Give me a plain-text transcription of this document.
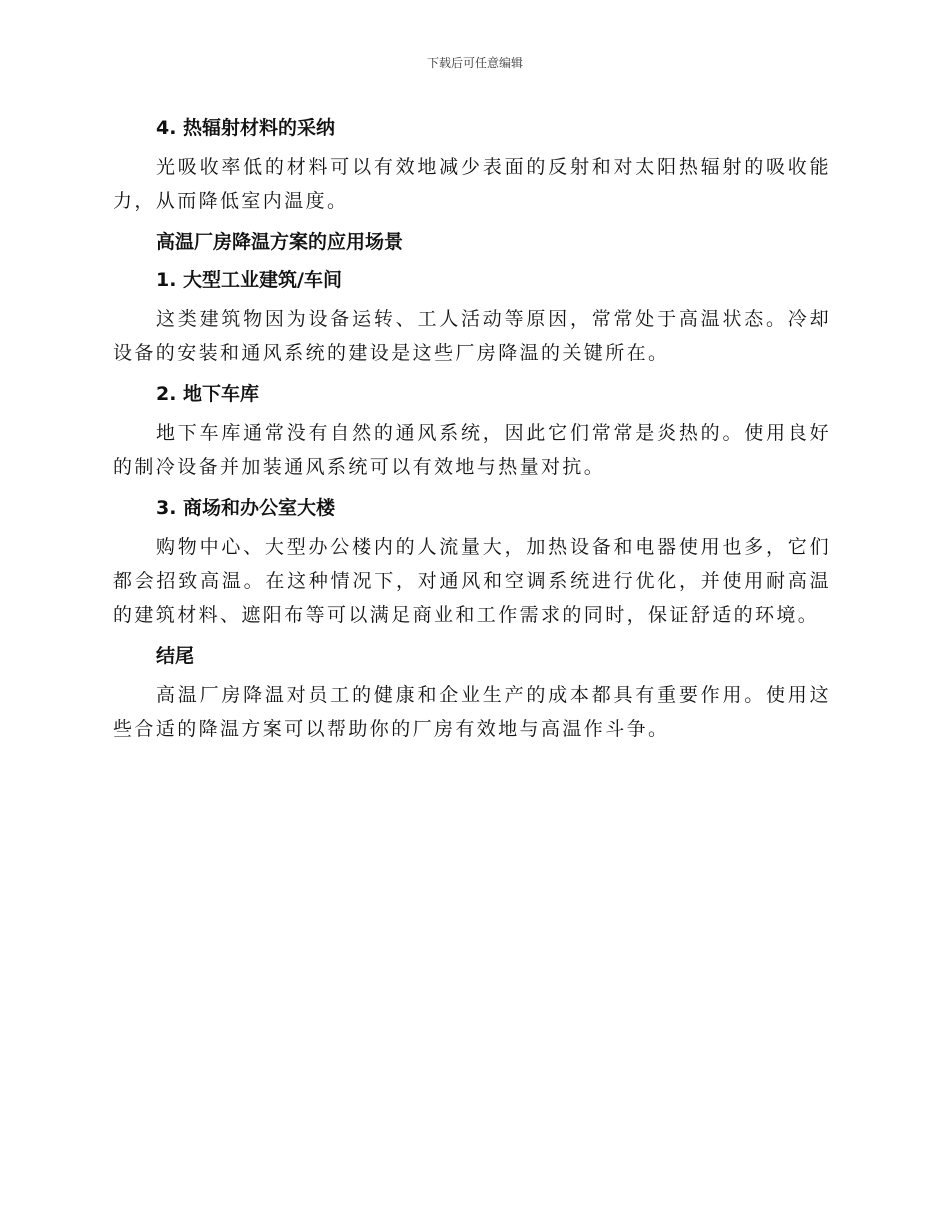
下载后可任意编辑
4. 热辐射材料的采纳

光吸收率低的材料可以有效地减少表面的反射和对太阳热辐射的吸收能力，从而降低室内温度。

高温厂房降温方案的应用场景
1. 大型工业建筑/车间

这类建筑物因为设备运转、工人活动等原因，常常处于高温状态。冷却设备的安装和通风系统的建设是这些厂房降温的关键所在。

2. 地下车库

地下车库通常没有自然的通风系统，因此它们常常是炎热的。使用良好的制冷设备并加装通风系统可以有效地与热量对抗。

3. 商场和办公室大楼

购物中心、大型办公楼内的人流量大，加热设备和电器使用也多，它们都会招致高温。在这种情况下，对通风和空调系统进行优化，并使用耐高温的建筑材料、遮阳布等可以满足商业和工作需求的同时，保证舒适的环境。

结尾

高温厂房降温对员工的健康和企业生产的成本都具有重要作用。使用这些合适的降温方案可以帮助你的厂房有效地与高温作斗争。
